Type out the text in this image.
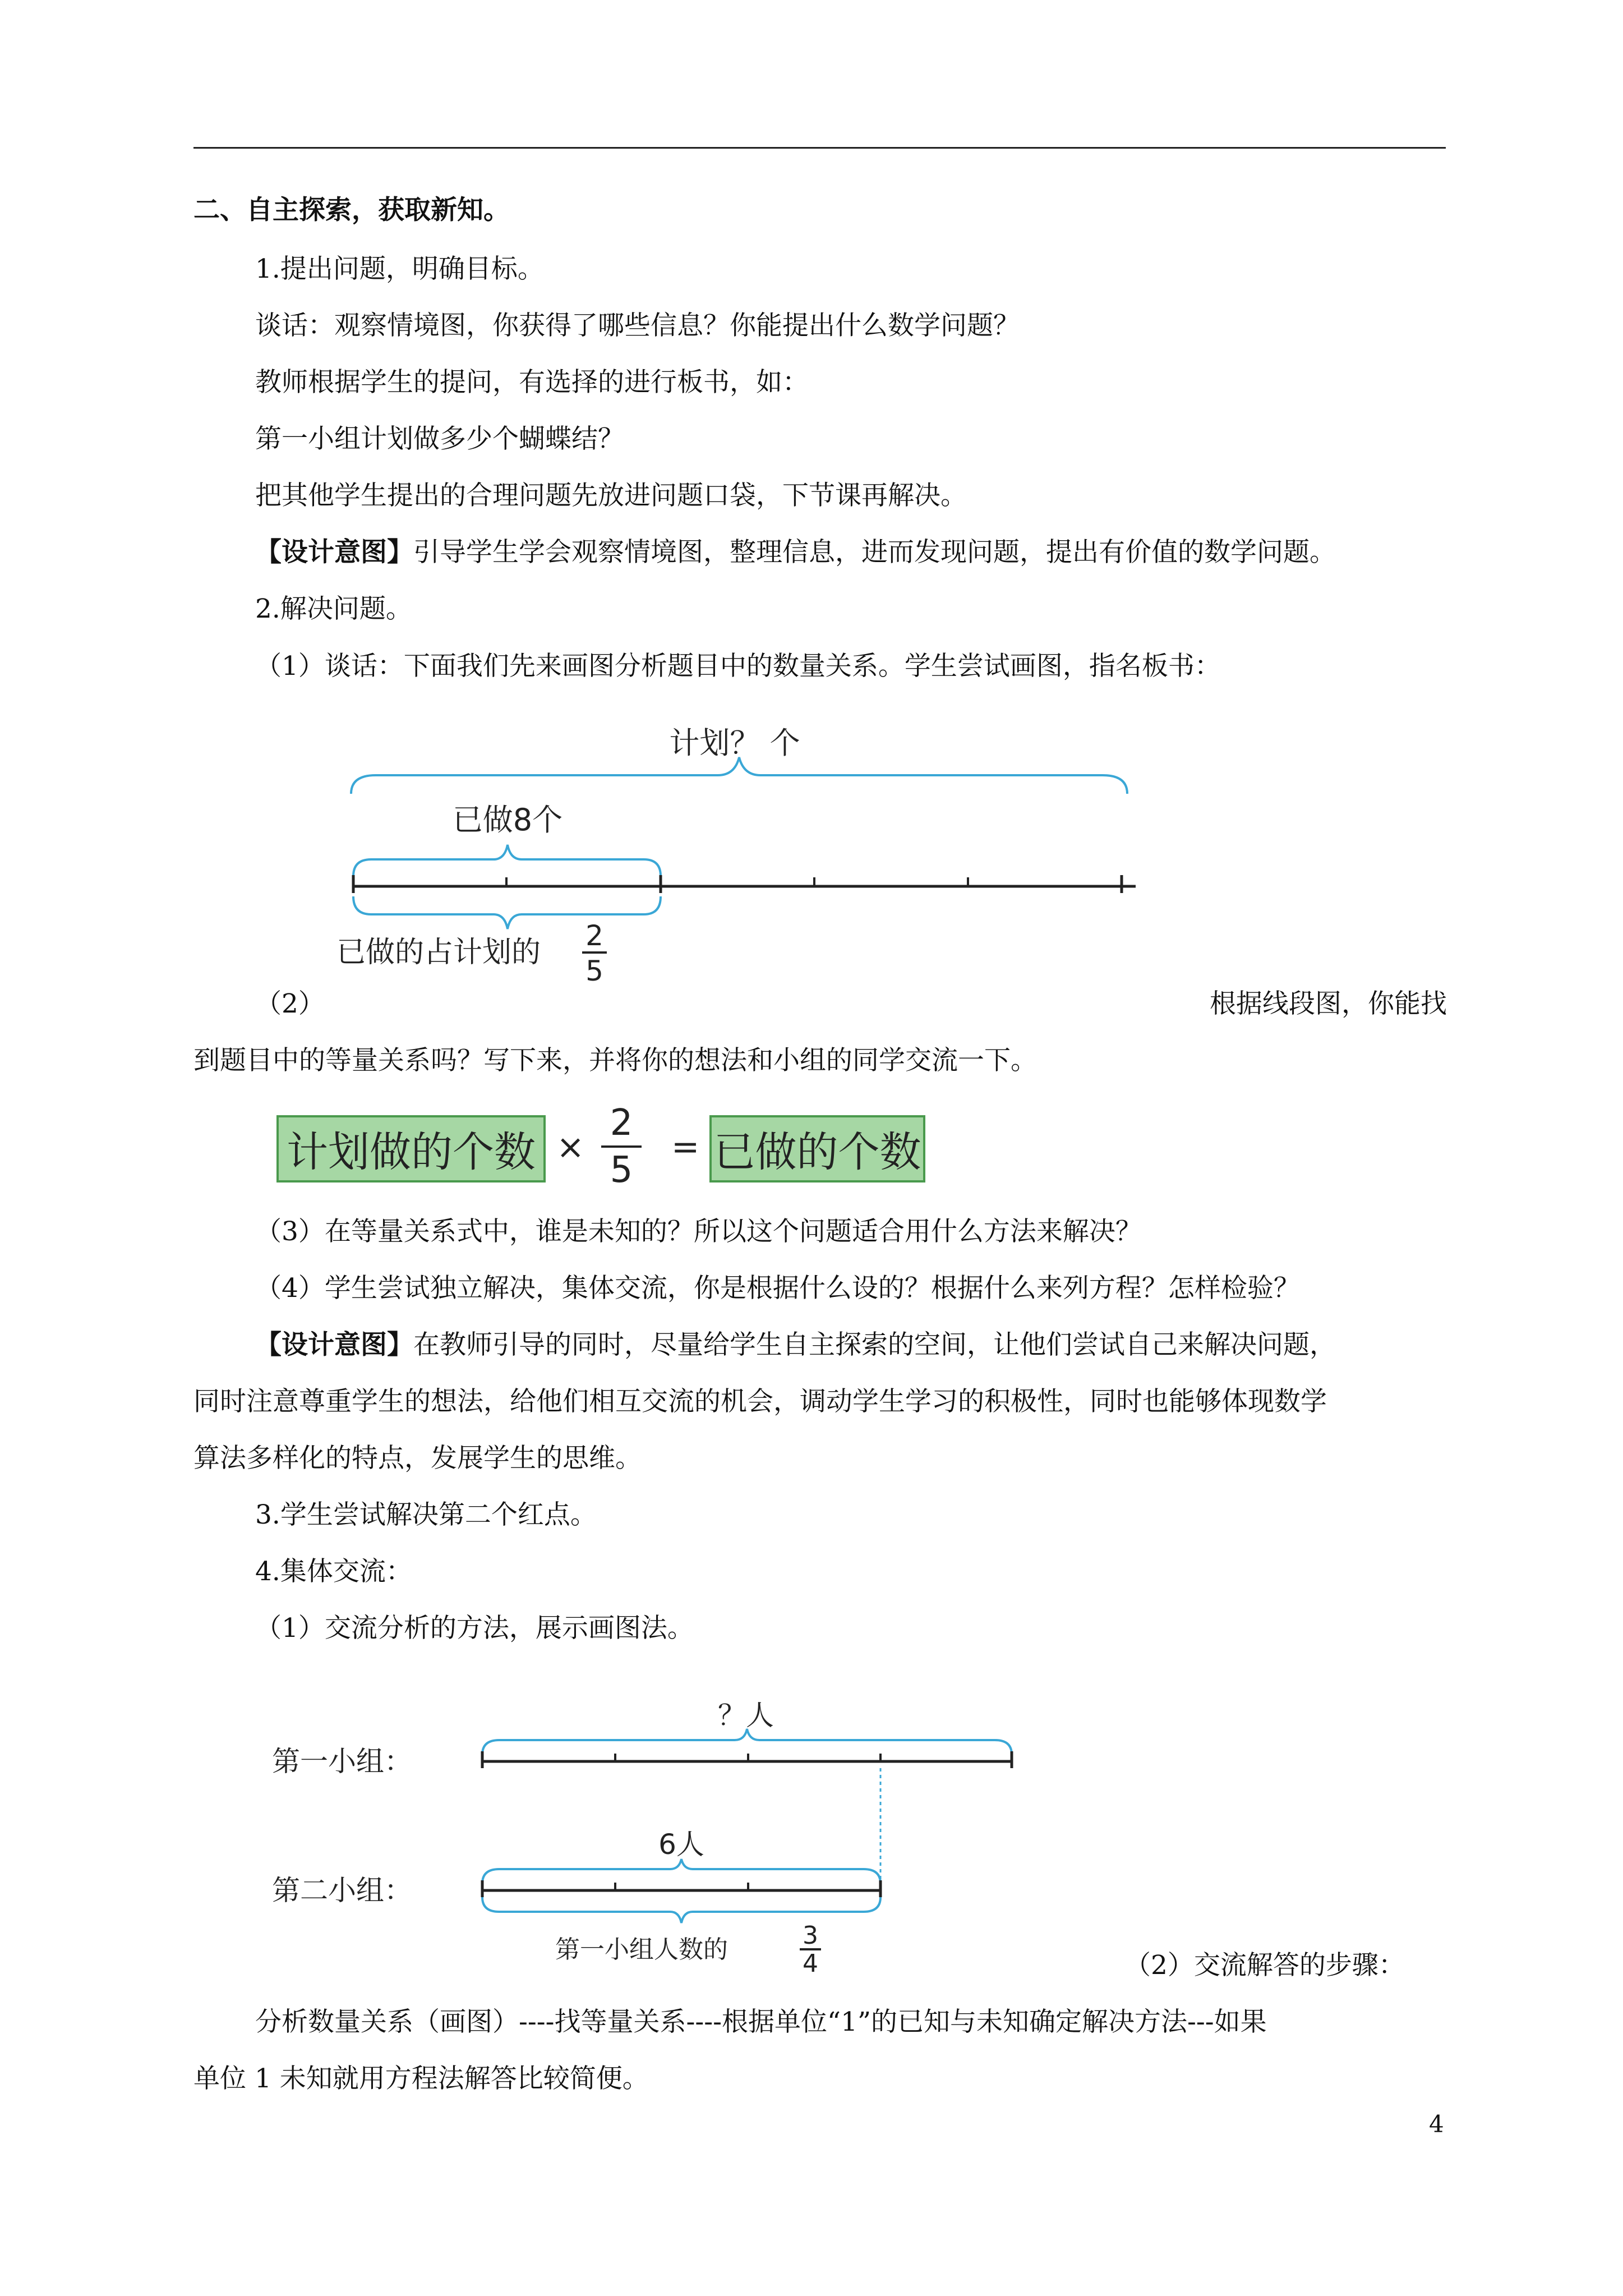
二、自主探索，获取新知。
1.提出问题，明确目标。
谈话：观察情境图，你获得了哪些信息？你能提出什么数学问题？
教师根据学生的提问，有选择的进行板书，如：
第一小组计划做多少个蝴蝶结？
把其他学生提出的合理问题先放进问题口袋，下节课再解决。
【设计意图】引导学生学会观察情境图，整理信息，进而发现问题，提出有价值的数学问题。
2.解决问题。
（1）谈话：下面我们先来画图分析题目中的数量关系。学生尝试画图，指名板书：
计划？ 个
已做8个
已做的占计划的 2
5
（2）	根据线段图，你能找
到题目中的等量关系吗？写下来，并将你的想法和小组的同学交流一下。
计划做的个数 ×
2
5
= 已做的个数
（3）在等量关系式中，谁是未知的？所以这个问题适合用什么方法来解决？
（4）学生尝试独立解决，集体交流，你是根据什么设的？根据什么来列方程？怎样检验？
【设计意图】在教师引导的同时，尽量给学生自主探索的空间，让他们尝试自己来解决问题，
同时注意尊重学生的想法，给他们相互交流的机会，调动学生学习的积极性，同时也能够体现数学
算法多样化的特点，发展学生的思维。
3.学生尝试解决第二个红点。
4.集体交流：
（1）交流分析的方法，展示画图法。
？人
第一小组：
6人
第二小组：
第一小组人数的	3
4	（2）交流解答的步骤：
分析数量关系（画图）----找等量关系----根据单位“1”的已知与未知确定解决方法---如果
单位 1 未知就用方程法解答比较简便。
4
